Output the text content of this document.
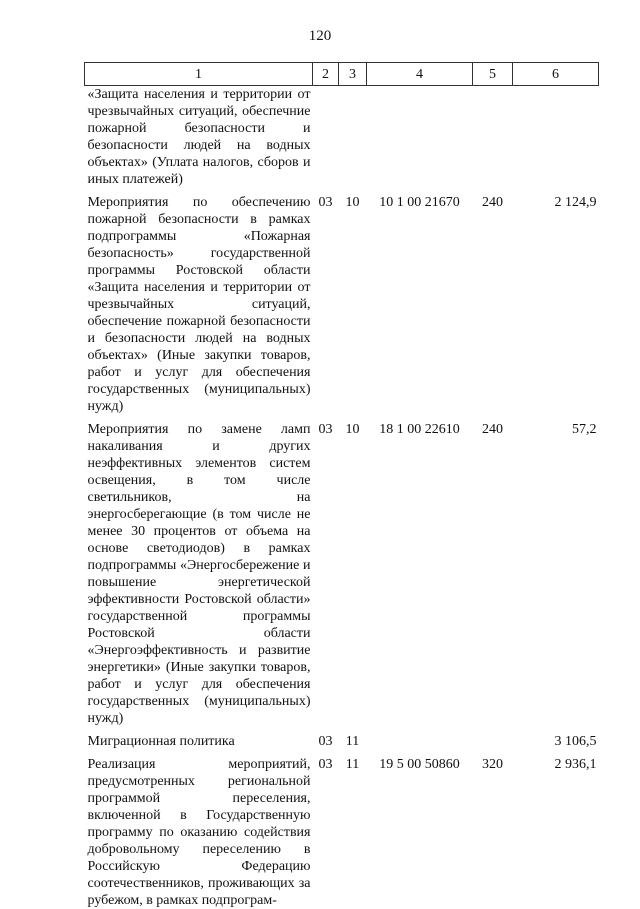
120
1	2	3	4	5	6
«Защита населения и территории от чрезвычайных ситуаций, обеспечние пожарной безопасности и безопасности людей на водных объектах» (Уплата налогов, сборов и иных платежей)					
Мероприятия по обеспечению пожарной безопасности в рамках подпрограммы «Пожарная безопасность» государственной программы Ростовской области «Защита населения и территории от чрезвычайных ситуаций, обеспечение пожарной безопасности и безопасности людей на водных объектах» (Иные закупки товаров, работ и услуг для обеспечения государственных (муниципальных) нужд)	03	10	10 1 00 21670	240	2 124,9
Мероприятия по замене ламп накаливания и других неэффективных элементов систем освещения, в том числе светильников, на энергосберегающие (в том числе не менее 30 процентов от объема на основе светодиодов) в рамках подпрограммы «Энергосбережение и повышение энергетической эффективности Ростовской области» государственной программы Ростовской области «Энергоэффективность и развитие энергетики» (Иные закупки товаров, работ и услуг для обеспечения государственных (муниципальных) нужд)	03	10	18 1 00 22610	240	57,2
Миграционная политика	03	11			3 106,5
Реализация мероприятий, предусмотренных региональной программой переселения, включенной в Государственную программу по оказанию содействия добровольному переселению в Российскую Федерацию соотечественников, проживающих за рубежом, в рамках подпрограм-	03	11	19 5 00 50860	320	2 936,1
